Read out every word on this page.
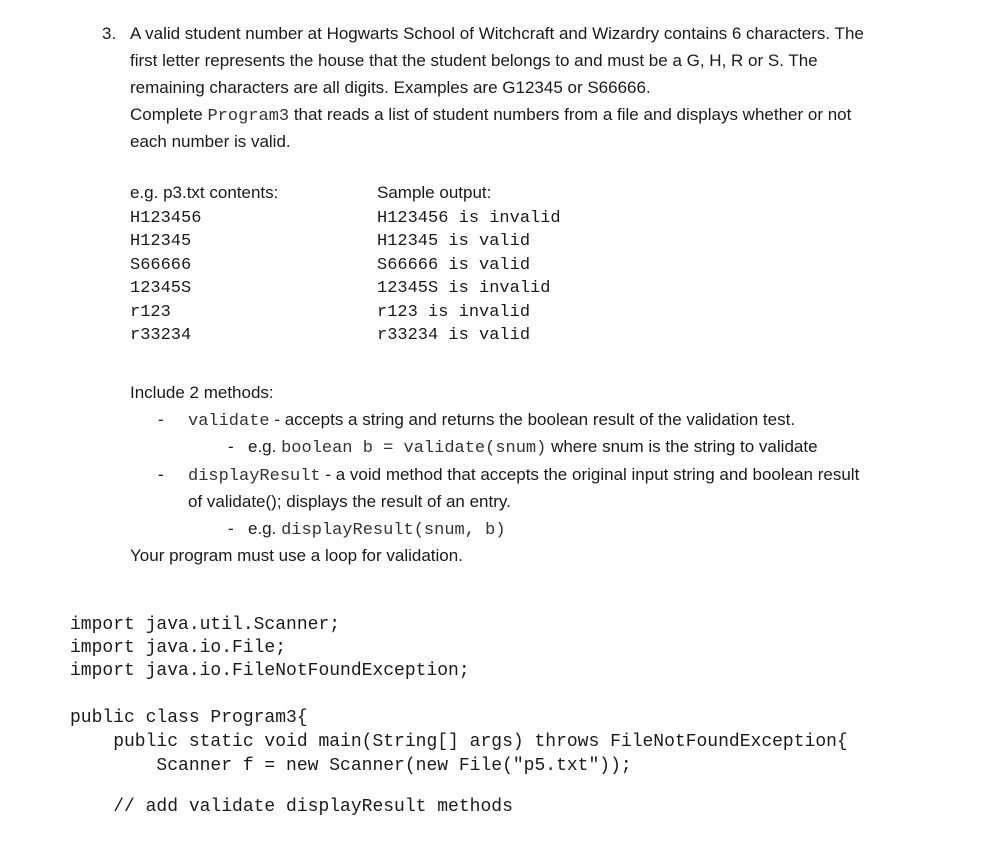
3. A valid student number at Hogwarts School of Witchcraft and Wizardry contains 6 characters. The
first letter represents the house that the student belongs to and must be a G, H, R or S. The
remaining characters are all digits. Examples are G12345 or S66666.
Complete Program3 that reads a list of student numbers from a file and displays whether or not
each number is valid.
e.g. p3.txt contents:
H123456
H12345
S66666
12345S
r123
r33234
Sample output:
H123456 is invalid
H12345 is valid
S66666 is valid
12345S is invalid
r123 is invalid
r33234 is valid
Include 2 methods:
- validate - accepts a string and returns the boolean result of the validation test.
- e.g. boolean b = validate(snum) where snum is the string to validate
- displayResult - a void method that accepts the original input string and boolean result
of validate(); displays the result of an entry.
- e.g. displayResult(snum, b)
Your program must use a loop for validation.
import java.util.Scanner;
import java.io.File;
import java.io.FileNotFoundException;
public class Program3{
public static void main(String[] args) throws FileNotFoundException{
Scanner f = new Scanner(new File("p5.txt"));
// add validate displayResult methods
